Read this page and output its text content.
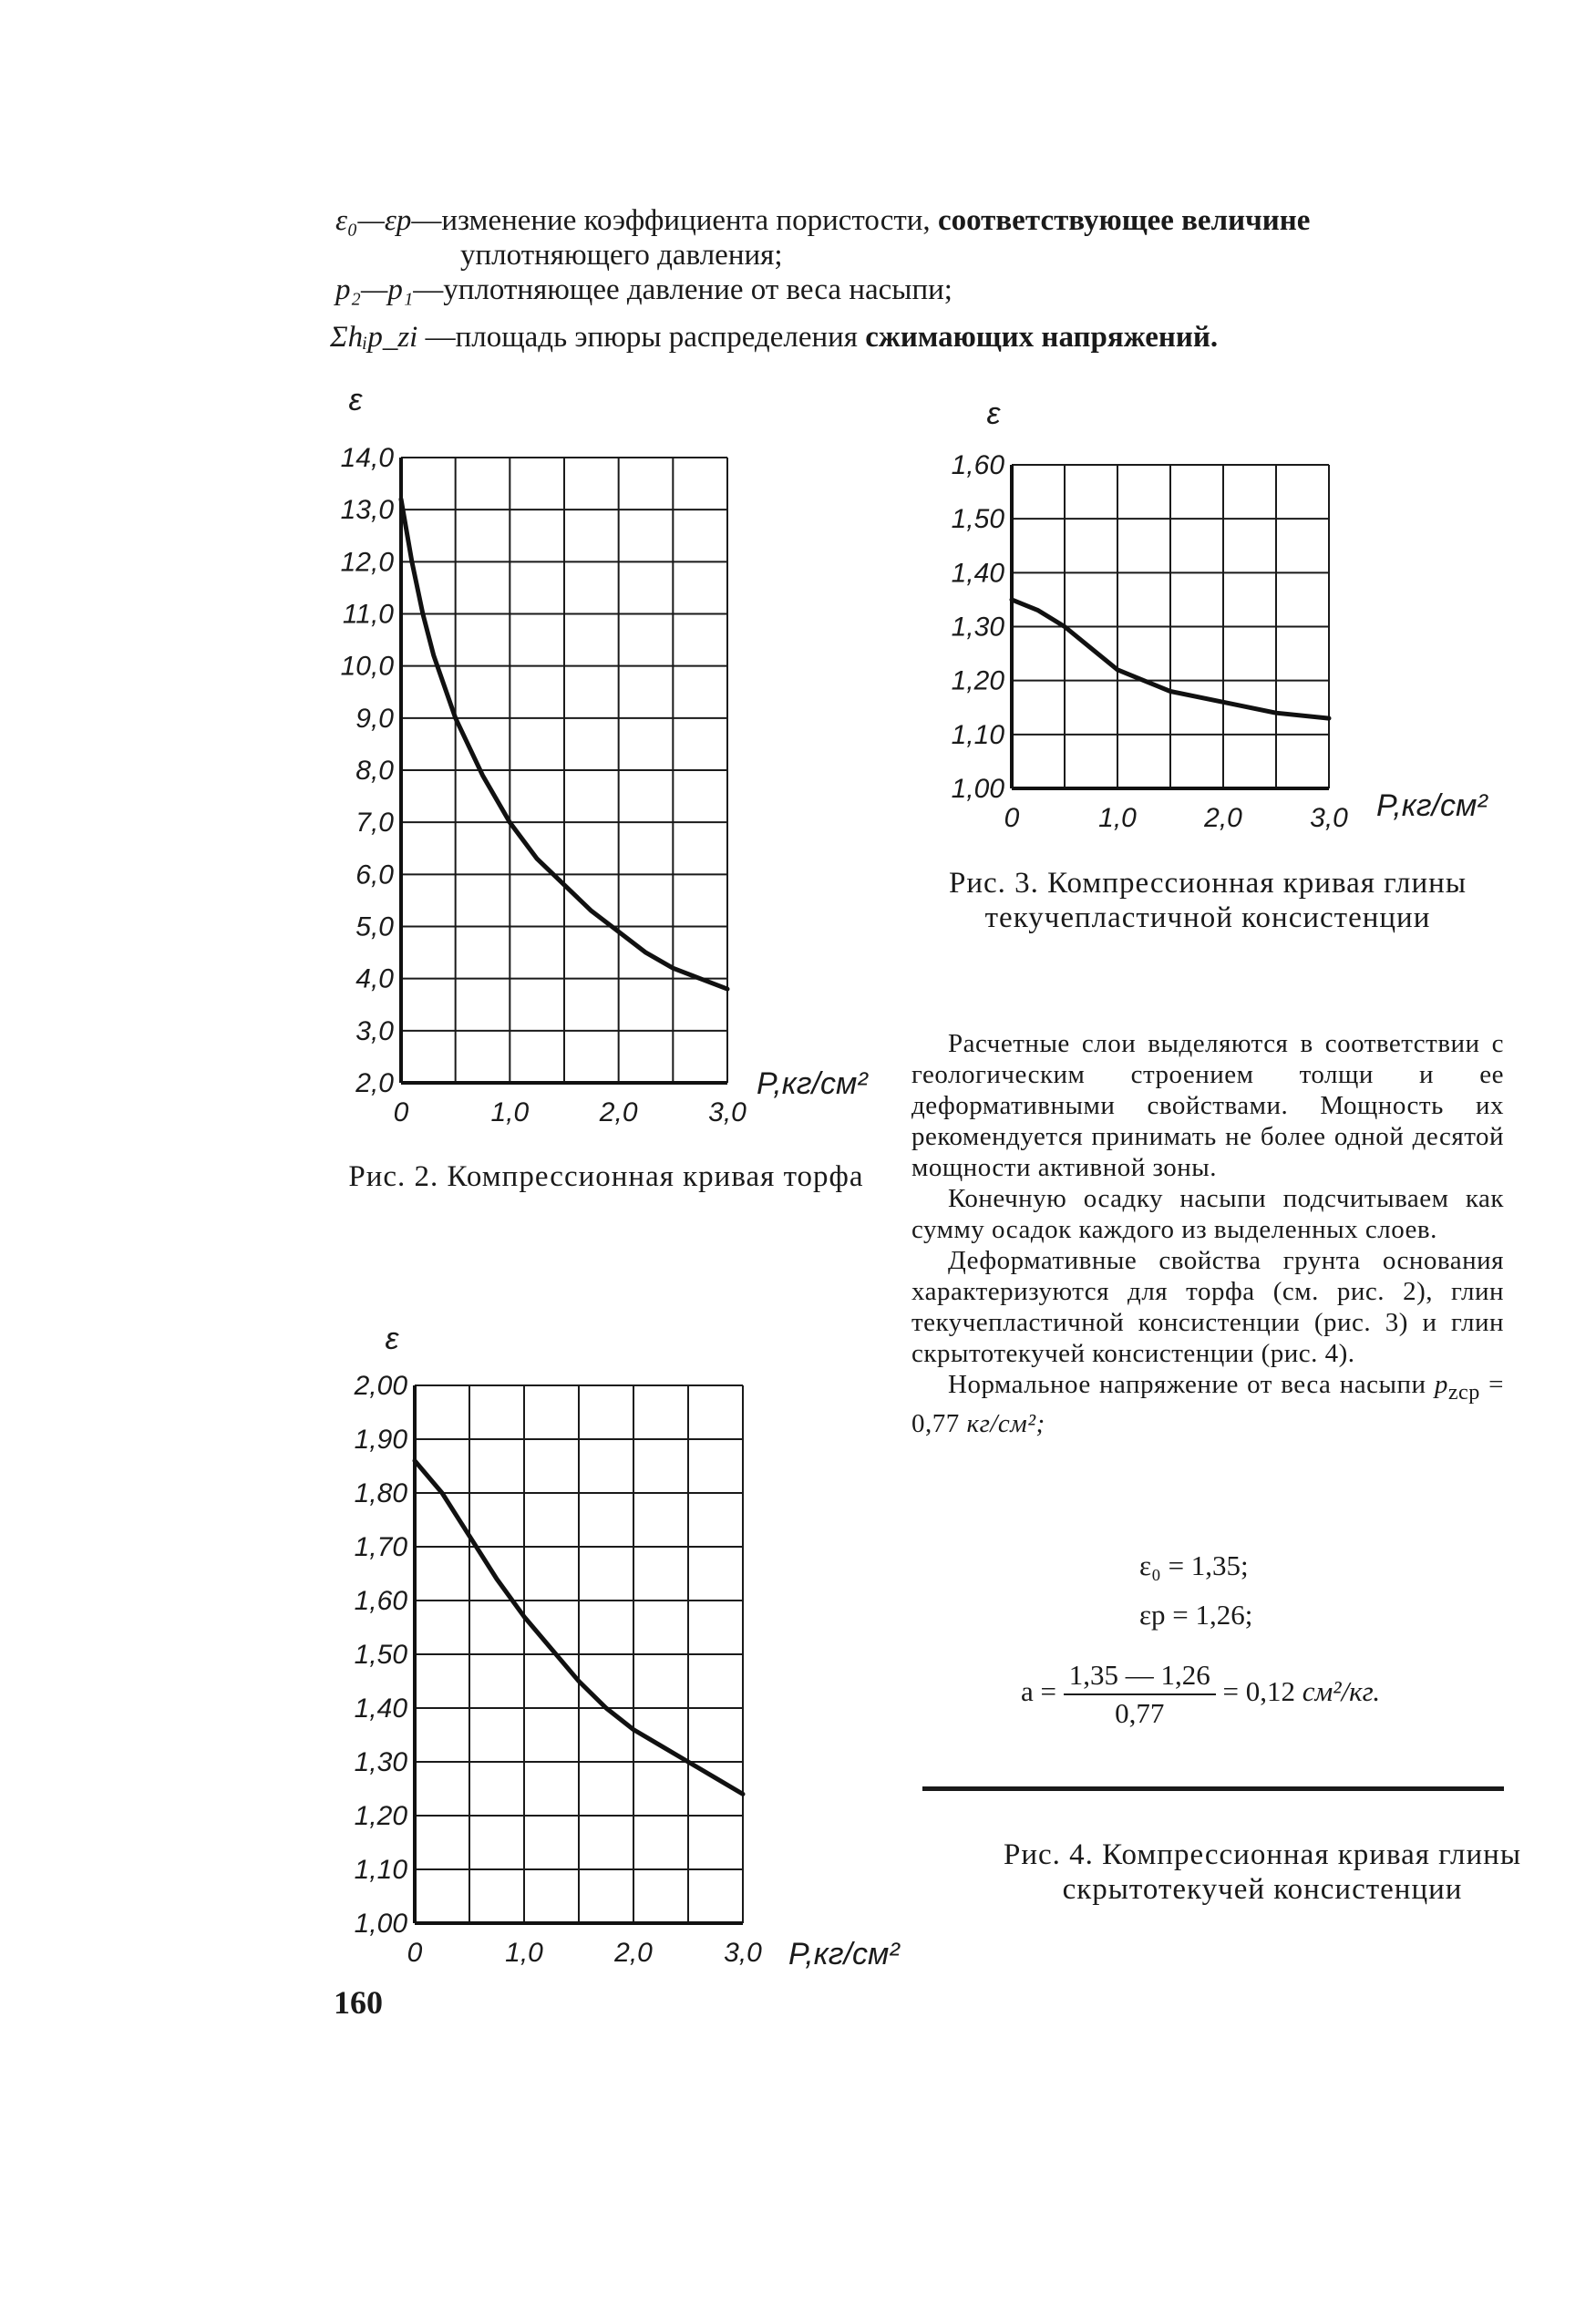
ε₀—εр—изменение коэффициента пористости, соответствующее величине
уплотняющего давления;
p₂—p₁—уплотняющее давление от веса насыпи;
Σhᵢp_zi —площадь эпюры распределения сжимающих напряжений.
2,0
3,0
4,0
5,0
6,0
7,0
8,0
9,0
10,0
11,0
12,0
13,0
14,0
0	1,0	2,0	3,0
ε
P,кг/см²
Рис. 2. Компрессионная кривая торфа
1,00
1,10
1,20
1,30
1,40
1,50
1,60
0	1,0 2,0 3,0
ε
P,кг/см²
Рис. 3. Компрессионная кривая глины текучепластичной консистенции
1,00
1,10
1,20
1,30
1,40
1,50
1,60
1,70
1,80
1,90
2,00
0	1,0	2,0	3,0
ε
P,кг/см²
Рис. 4. Компрессионная кривая глины скрытотекучей консистенции

Расчетные слои выделяются в соответствии с геологическим строением толщи и ее деформативными свойствами. Мощность их рекомендуется принимать не более одной десятой мощности активной зоны.

Конечную осадку насыпи подсчитываем как сумму осадок каждого из выделенных слоев.

Деформативные свойства грунта основания характеризуются для торфа (см. рис. 2), глин текучепластичной консистенции (рис. 3) и глин скрытотекучей консистенции (рис. 4).

Нормальное напряжение от веса насыпи $p_{zср} = 0,77$ кг/см²;

ε₀ = 1,35;
εр = 1,26;
$a = \frac{1,35 — 1,26}{0,77} = 0,12$ см²/кг.
160
